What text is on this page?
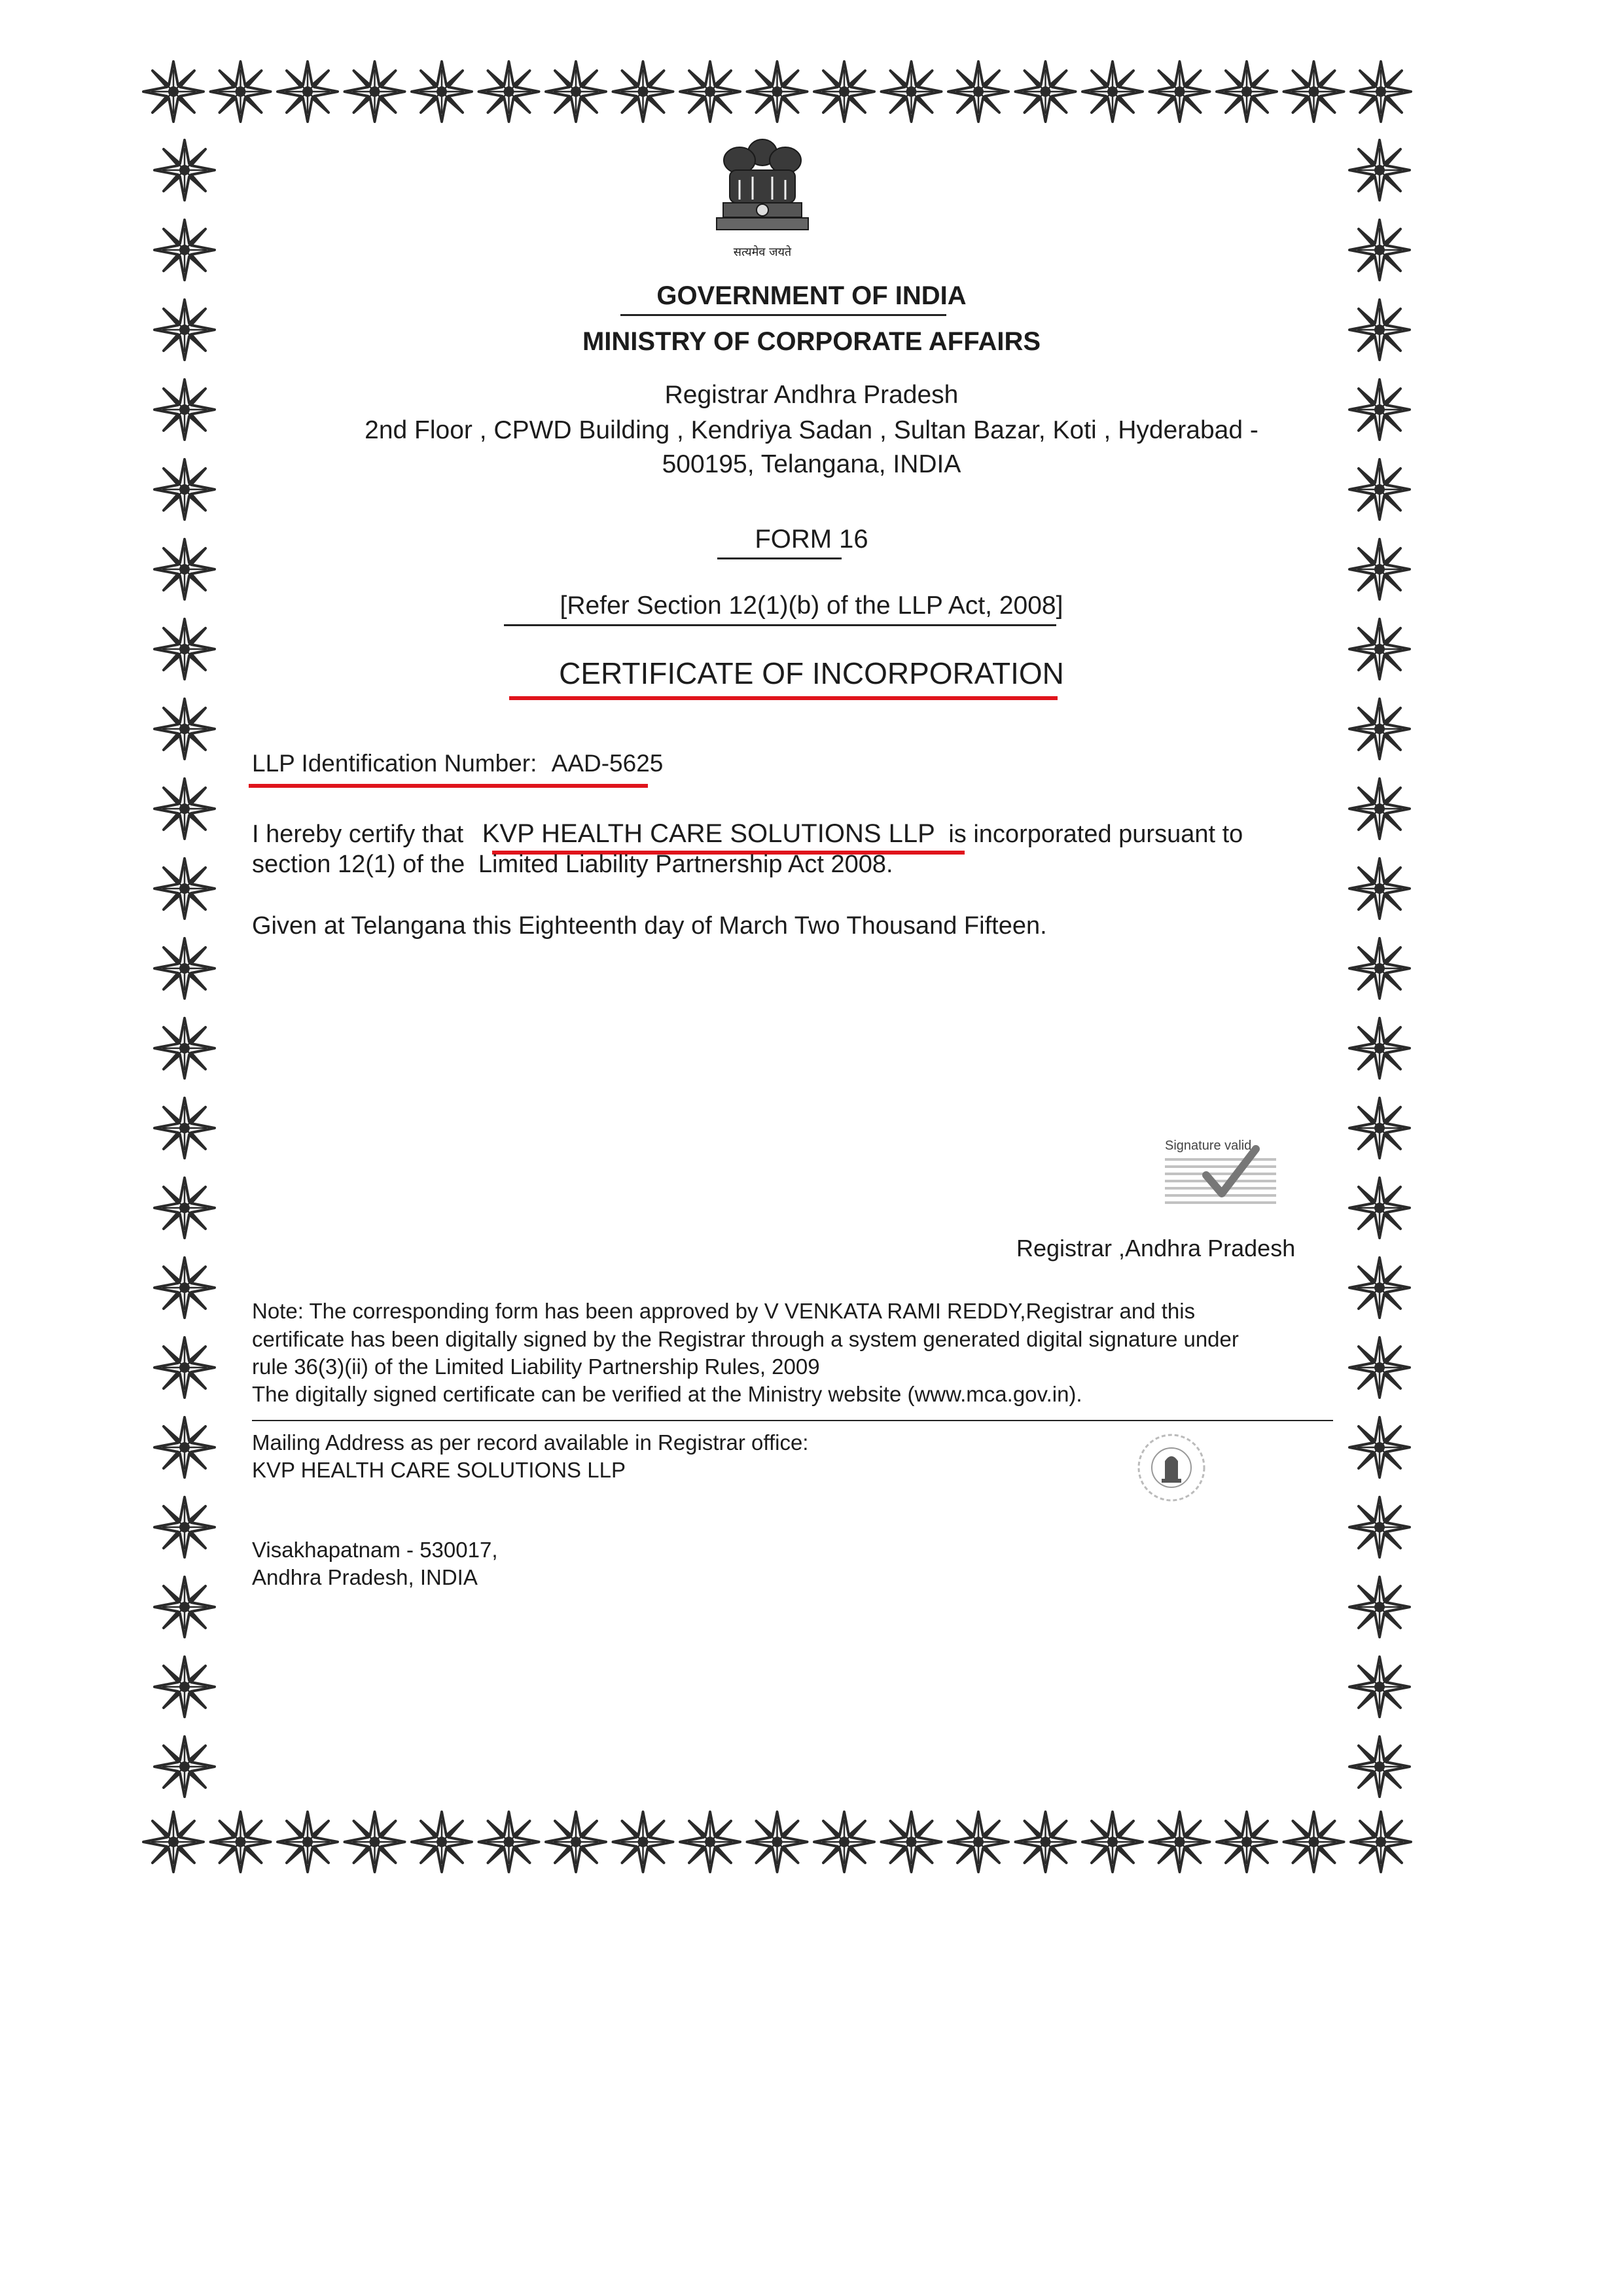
सत्यमेव जयते
GOVERNMENT OF INDIA
MINISTRY OF CORPORATE AFFAIRS
Registrar Andhra Pradesh
2nd Floor , CPWD Building , Kendriya Sadan , Sultan Bazar, Koti , Hyderabad -
500195, Telangana, INDIA
FORM 16
[Refer Section 12(1)(b) of the LLP Act, 2008]
CERTIFICATE OF INCORPORATION
LLP Identification Number: AAD-5625
I hereby certify that KVP HEALTH CARE SOLUTIONS LLP is incorporated pursuant to
section 12(1) of the Limited Liability Partnership Act 2008.
Given at Telangana this Eighteenth day of March Two Thousand Fifteen.
Signature valid
Registrar ,Andhra Pradesh
Note: The corresponding form has been approved by V VENKATA RAMI REDDY,Registrar and this
certificate has been digitally signed by the Registrar through a system generated digital signature under
rule 36(3)(ii) of the Limited Liability Partnership Rules, 2009
The digitally signed certificate can be verified at the Ministry website (www.mca.gov.in).
Mailing Address as per record available in Registrar office:
KVP HEALTH CARE SOLUTIONS LLP
Visakhapatnam - 530017,
Andhra Pradesh, INDIA
